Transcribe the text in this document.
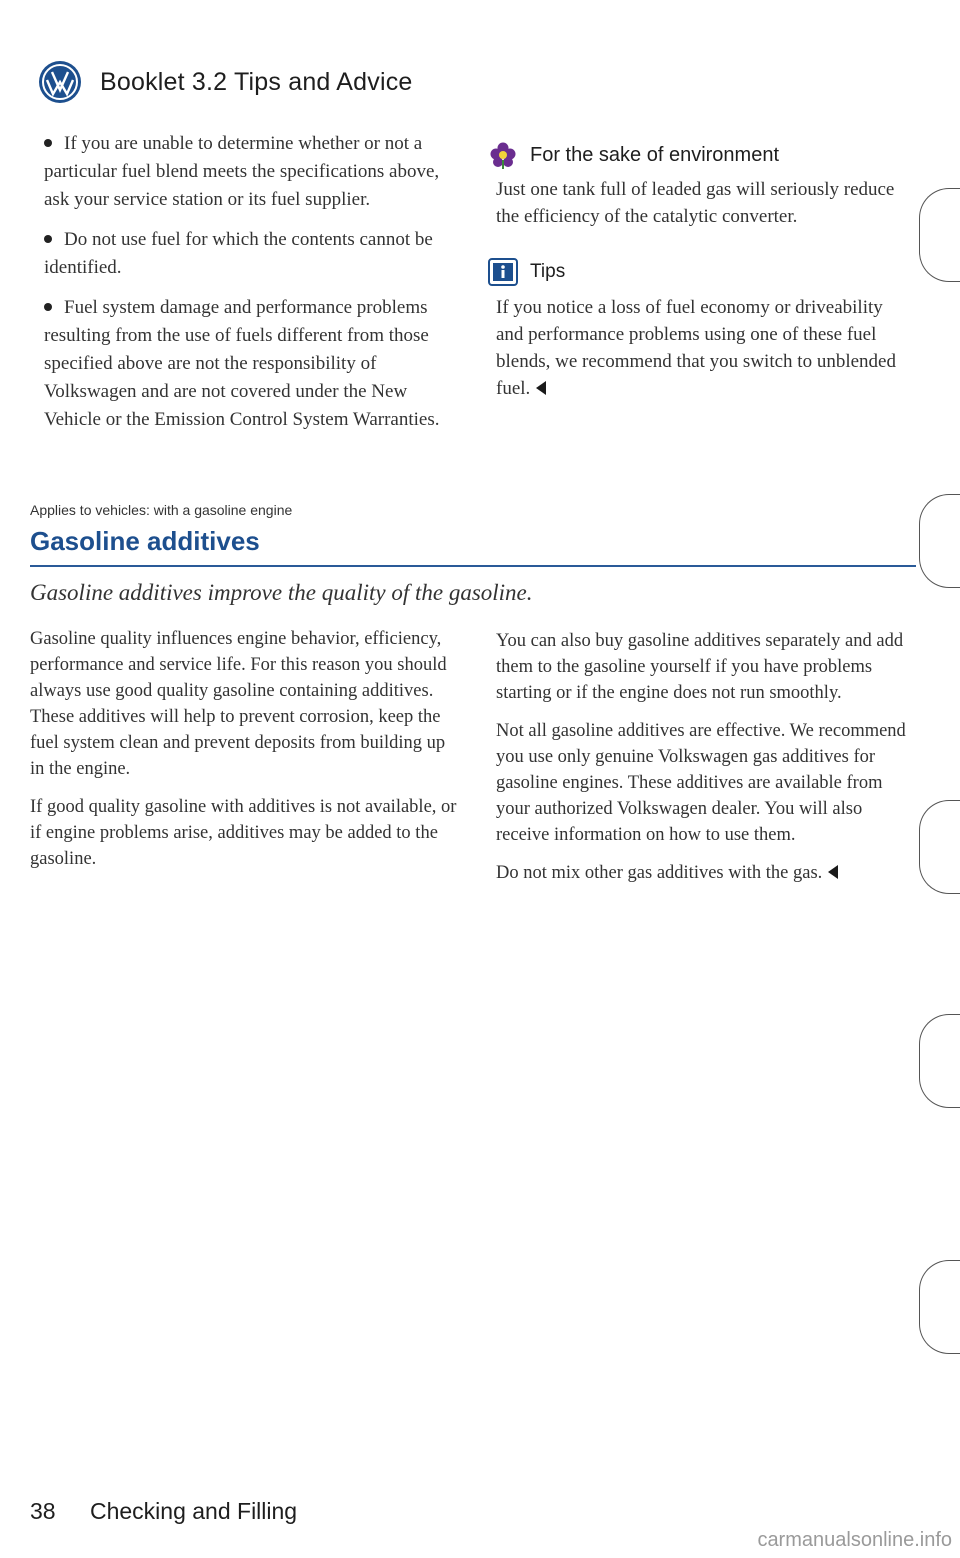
Booklet 3.2 Tips and Advice

If you are unable to determine whether or not a particular fuel blend meets the specifications above, ask your service station or its fuel supplier.

Do not use fuel for which the contents cannot be identified.

Fuel system damage and performance problems resulting from the use of fuels different from those specified above are not the responsibility of Volkswagen and are not covered under the New Vehicle or the Emission Control System Warranties.

For the sake of environment

Just one tank full of leaded gas will seriously reduce the efficiency of the catalytic converter.

Tips

If you notice a loss of fuel economy or driveability and performance problems using one of these fuel blends, we recommend that you switch to unblended fuel.

Applies to vehicles: with a gasoline engine
Gasoline additives
Gasoline additives improve the quality of the gasoline.

Gasoline quality influences engine behavior, efficiency, performance and service life. For this reason you should always use good quality gasoline containing additives. These additives will help to prevent corrosion, keep the fuel system clean and prevent deposits from building up in the engine.

If good quality gasoline with additives is not available, or if engine problems arise, additives may be added to the gasoline.

You can also buy gasoline additives separately and add them to the gasoline yourself if you have problems starting or if the engine does not run smoothly.

Not all gasoline additives are effective. We recommend you use only genuine Volkswagen gas additives for gasoline engines. These additives are available from your authorized Volkswagen dealer. You will also receive information on how to use them.

Do not mix other gas additives with the gas.

38 Checking and Filling
carmanualsonline.info
